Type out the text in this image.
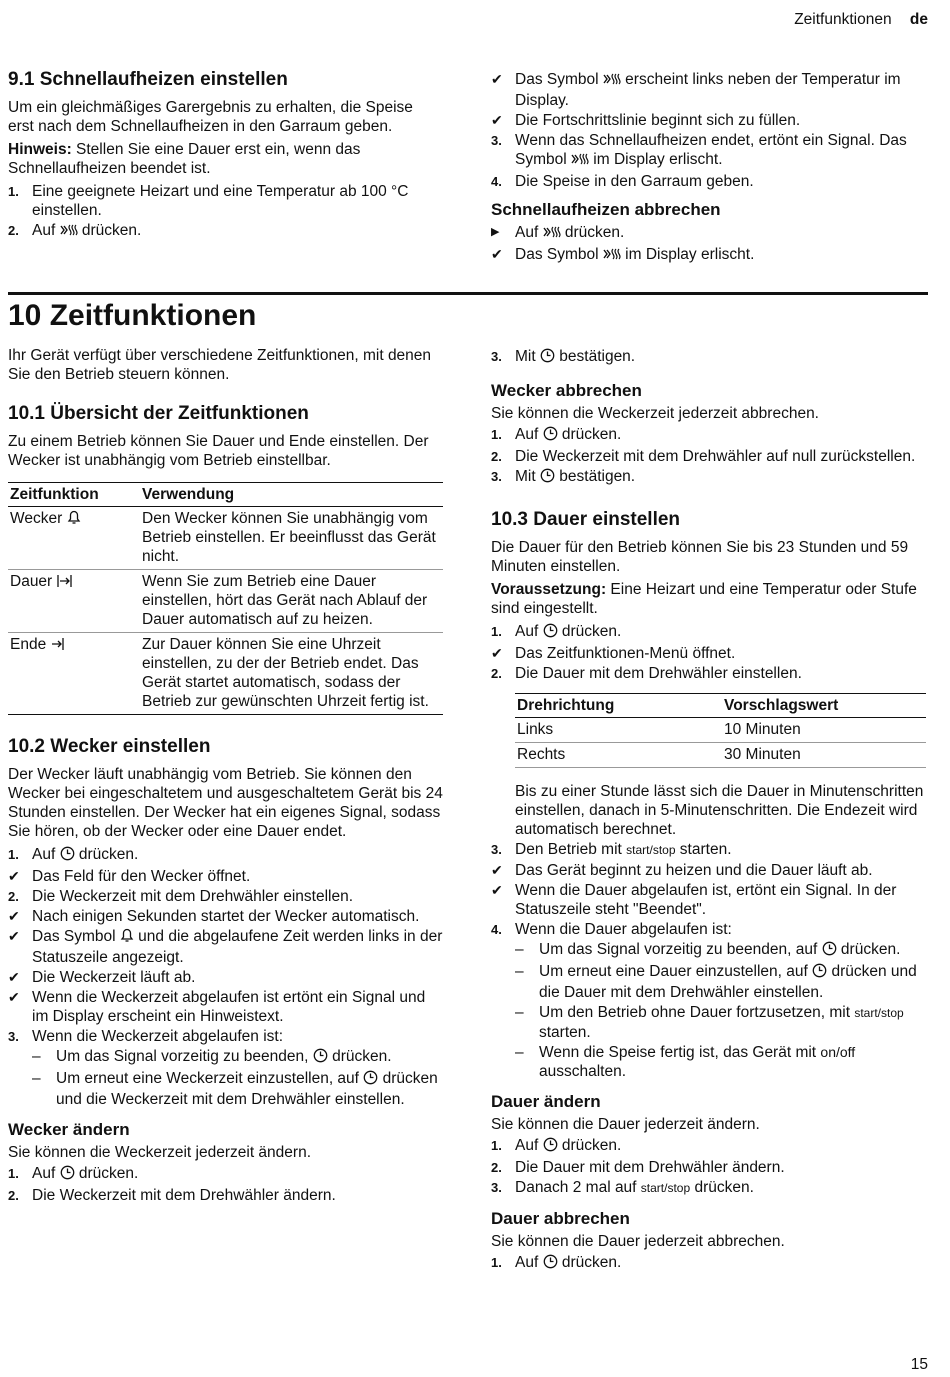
Zeitfunktionen de
9.1 Schnellaufheizen einstellen

Um ein gleichmäßiges Garergebnis zu erhalten, die Speise erst nach dem Schnellaufheizen in den Garraum geben.

Hinweis: Stellen Sie eine Dauer erst ein, wenn das Schnellaufheizen beendet ist.

1. Eine geeignete Heizart und eine Temperatur ab 100 °C einstellen.
2. Auf  drücken.
✔ Das Symbol  erscheint links neben der Temperatur im Display.
✔ Die Fortschrittslinie beginnt sich zu füllen.
3. Wenn das Schnellaufheizen endet, ertönt ein Signal. Das Symbol  im Display erlischt.
4. Die Speise in den Garraum geben.
Schnellaufheizen abbrechen
▶ Auf  drücken.
✔ Das Symbol  im Display erlischt.
10 Zeitfunktionen

Ihr Gerät verfügt über verschiedene Zeitfunktionen, mit denen Sie den Betrieb steuern können.

10.1 Übersicht der Zeitfunktionen

Zu einem Betrieb können Sie Dauer und Ende einstellen. Der Wecker ist unabhängig vom Betrieb einstellbar.

Zeitfunktion	Verwendung
Wecker	Den Wecker können Sie unabhängig vom Betrieb einstellen. Er beeinflusst das Gerät nicht.
Dauer	Wenn Sie zum Betrieb eine Dauer einstellen, hört das Gerät nach Ablauf der Dauer automatisch auf zu heizen.
Ende	Zur Dauer können Sie eine Uhrzeit einstellen, zu der der Betrieb endet. Das Gerät startet automatisch, sodass der Betrieb zur gewünschten Uhrzeit fertig ist.
10.2 Wecker einstellen

Der Wecker läuft unabhängig vom Betrieb. Sie können den Wecker bei eingeschaltetem und ausgeschaltetem Gerät bis 24 Stunden einstellen. Der Wecker hat ein eigenes Signal, sodass Sie hören, ob der Wecker oder eine Dauer endet.

1. Auf  drücken.
✔ Das Feld für den Wecker öffnet.
2. Die Weckerzeit mit dem Drehwähler einstellen.
✔ Nach einigen Sekunden startet der Wecker automatisch.
✔ Das Symbol  und die abgelaufene Zeit werden links in der Statuszeile angezeigt.
✔ Die Weckerzeit läuft ab.
✔ Wenn die Weckerzeit abgelaufen ist ertönt ein Signal und im Display erscheint ein Hinweistext.
3. Wenn die Weckerzeit abgelaufen ist:
– Um das Signal vorzeitig zu beenden,  drücken.
– Um erneut eine Weckerzeit einzustellen, auf  drücken und die Weckerzeit mit dem Drehwähler einstellen.
Wecker ändern

Sie können die Weckerzeit jederzeit ändern.

1. Auf  drücken.
2. Die Weckerzeit mit dem Drehwähler ändern.
3. Mit  bestätigen.
Wecker abbrechen

Sie können die Weckerzeit jederzeit abbrechen.

1. Auf  drücken.
2. Die Weckerzeit mit dem Drehwähler auf null zurückstellen.
3. Mit  bestätigen.
10.3 Dauer einstellen

Die Dauer für den Betrieb können Sie bis 23 Stunden und 59 Minuten einstellen.

Voraussetzung: Eine Heizart und eine Temperatur oder Stufe sind eingestellt.

1. Auf  drücken.
✔ Das Zeitfunktionen-Menü öffnet.
2. Die Dauer mit dem Drehwähler einstellen.
Drehrichtung	Vorschlagswert
Links	10 Minuten
Rechts	30 Minuten

Bis zu einer Stunde lässt sich die Dauer in Minutenschritten einstellen, danach in 5-Minutenschritten. Die Endezeit wird automatisch berechnet.

3. Den Betrieb mit start/stop starten.
✔ Das Gerät beginnt zu heizen und die Dauer läuft ab.
✔ Wenn die Dauer abgelaufen ist, ertönt ein Signal. In der Statuszeile steht "Beendet".
4. Wenn die Dauer abgelaufen ist:
– Um das Signal vorzeitig zu beenden, auf  drücken.
– Um erneut eine Dauer einzustellen, auf  drücken und die Dauer mit dem Drehwähler einstellen.
– Um den Betrieb ohne Dauer fortzusetzen, mit start/stop starten.
– Wenn die Speise fertig ist, das Gerät mit on/off ausschalten.
Dauer ändern

Sie können die Dauer jederzeit ändern.

1. Auf  drücken.
2. Die Dauer mit dem Drehwähler ändern.
3. Danach 2 mal auf start/stop drücken.
Dauer abbrechen

Sie können die Dauer jederzeit abbrechen.

1. Auf  drücken.
15
